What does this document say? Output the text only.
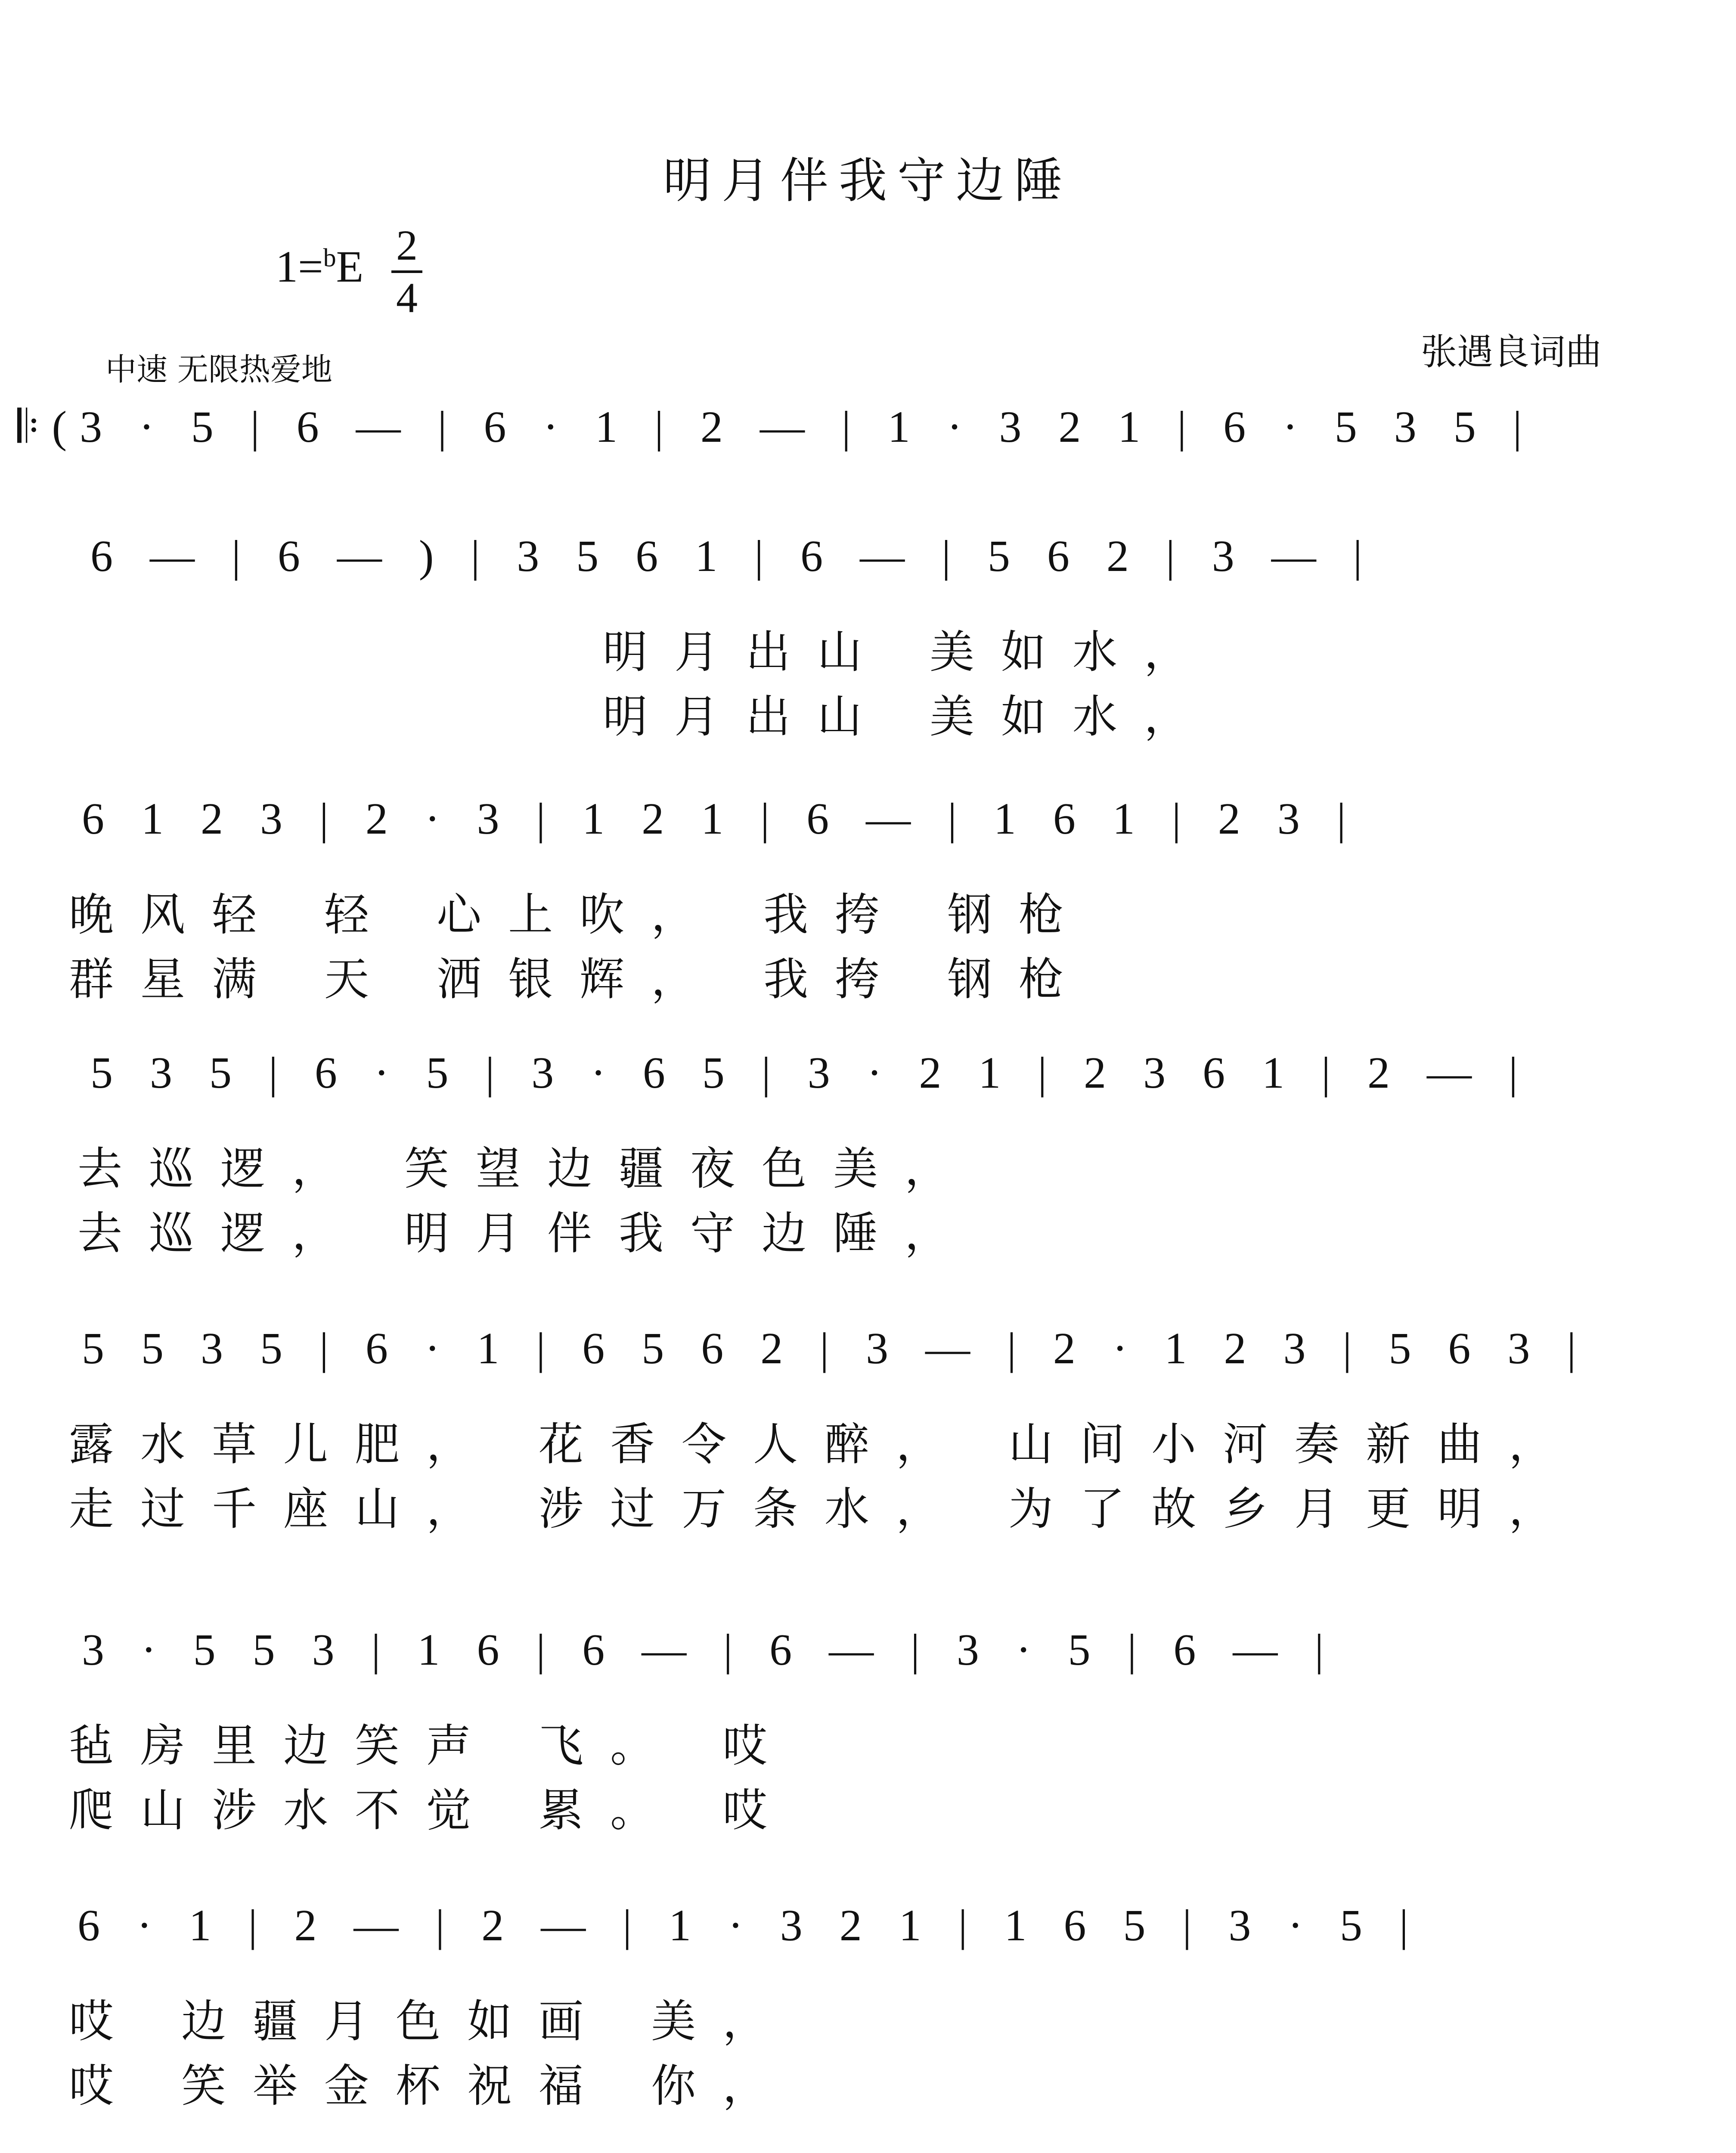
明月伴我守边陲
1=$^b$E 2
4
中速 无限热爱地	张遇良词曲
𝄆(3 · 5 | 6 — | 6 · 1 | 2 — | 1 · 3 2 1 | 6 · 5 3 5 |
6 — | 6 — ) | 3 5 6 1 | 6 — | 5 6 2 | 3 — |
明月出山 美如水，
明月出山 美如水，
6 1 2 3 | 2 · 3 | 1 2 1 | 6 — | 1 6 1 | 2 3 |
晚风轻 轻 心上吹， 我挎 钢枪
群星满 天 洒银辉， 我挎 钢枪
5 3 5 | 6 · 5 | 3 · 6 5 | 3 · 2 1 | 2 3 6 1 | 2 — |
去巡逻， 笑望边疆夜色美，
去巡逻， 明月伴我守边陲，
5 5 3 5 | 6 · 1 | 6 5 6 2 | 3 — | 2 · 1 2 3 | 5 6 3 |
露水草儿肥， 花香令人醉， 山间小河奏新曲，
走过千座山， 涉过万条水， 为了故乡月更明，
3 · 5 5 3 | 1 6 | 6 — | 6 — | 3 · 5 | 6 — |
毡房里边笑声 飞。 哎
爬山涉水不觉 累。 哎
6 · 1 | 2 — | 2 — | 1 · 3 2 1 | 1 6 5 | 3 · 5 |
哎 边疆月色如画 美，
哎 笑举金杯祝福 你，
